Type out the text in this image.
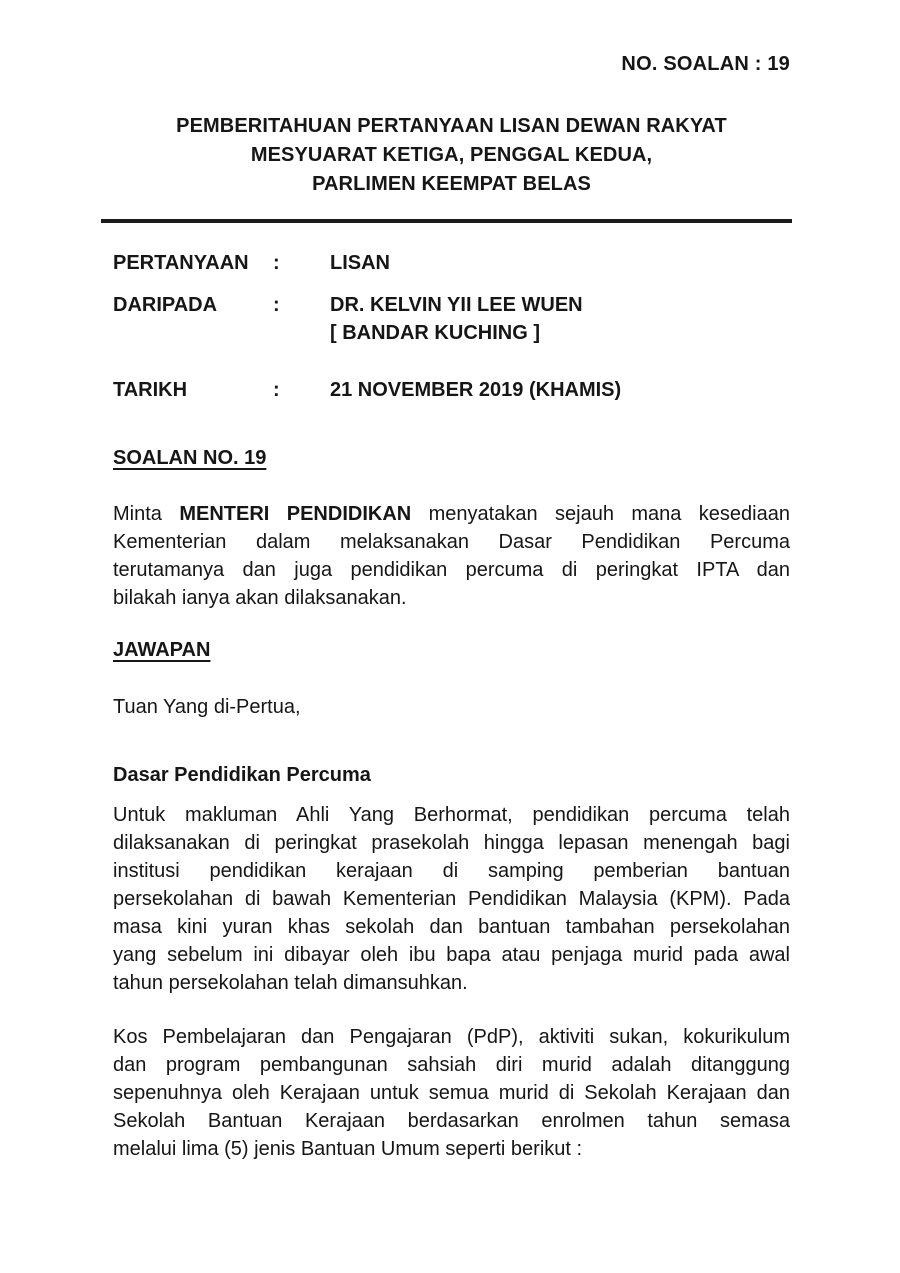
NO. SOALAN : 19
PEMBERITAHUAN PERTANYAAN LISAN DEWAN RAKYAT
MESYUARAT KETIGA, PENGGAL KEDUA,
PARLIMEN KEEMPAT BELAS
PERTANYAAN	:	LISAN
DARIPADA	:	DR. KELVIN YII LEE WUEN
[ BANDAR KUCHING ]
TARIKH	:	21 NOVEMBER 2019 (KHAMIS)
SOALAN NO. 19
Minta MENTERI PENDIDIKAN menyatakan sejauh mana kesediaan
Kementerian dalam melaksanakan Dasar Pendidikan Percuma
terutamanya dan juga pendidikan percuma di peringkat IPTA dan
bilakah ianya akan dilaksanakan.
JAWAPAN
Tuan Yang di-Pertua,
Dasar Pendidikan Percuma
Untuk makluman Ahli Yang Berhormat, pendidikan percuma telah
dilaksanakan di peringkat prasekolah hingga lepasan menengah bagi
institusi pendidikan kerajaan di samping pemberian bantuan
persekolahan di bawah Kementerian Pendidikan Malaysia (KPM). Pada
masa kini yuran khas sekolah dan bantuan tambahan persekolahan
yang sebelum ini dibayar oleh ibu bapa atau penjaga murid pada awal
tahun persekolahan telah dimansuhkan.
Kos Pembelajaran dan Pengajaran (PdP), aktiviti sukan, kokurikulum
dan program pembangunan sahsiah diri murid adalah ditanggung
sepenuhnya oleh Kerajaan untuk semua murid di Sekolah Kerajaan dan
Sekolah Bantuan Kerajaan berdasarkan enrolmen tahun semasa
melalui lima (5) jenis Bantuan Umum seperti berikut :
